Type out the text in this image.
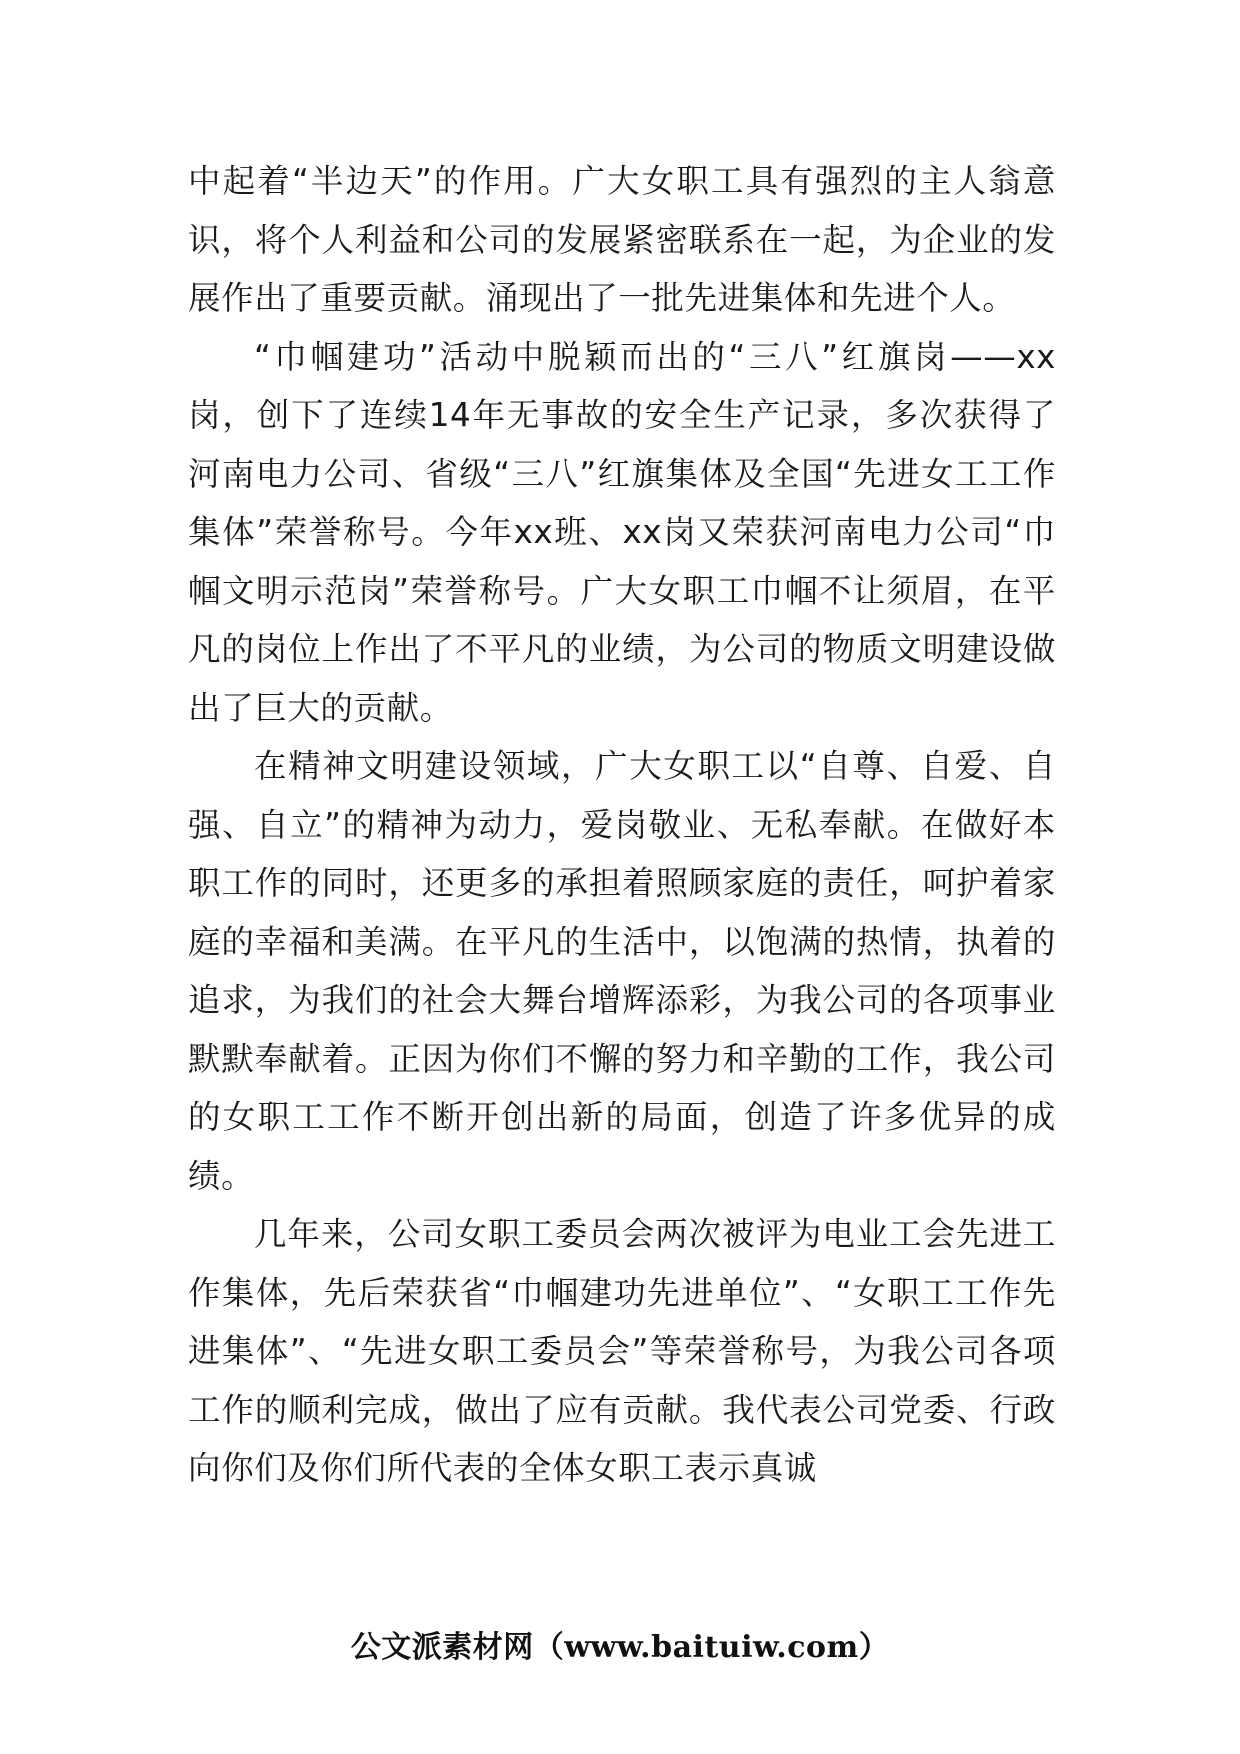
中起着“半边天”的作用。广大女职工具有强烈的主人翁意识，将个人利益和公司的发展紧密联系在一起，为企业的发展作出了重要贡献。涌现出了一批先进集体和先进个人。

“巾帼建功”活动中脱颖而出的“三八”红旗岗——xx岗，创下了连续14年无事故的安全生产记录，多次获得了河南电力公司、省级“三八”红旗集体及全国“先进女工工作集体”荣誉称号。今年xx班、xx岗又荣获河南电力公司“巾帼文明示范岗”荣誉称号。广大女职工巾帼不让须眉，在平凡的岗位上作出了不平凡的业绩，为公司的物质文明建设做出了巨大的贡献。

在精神文明建设领域，广大女职工以“自尊、自爱、自强、自立”的精神为动力，爱岗敬业、无私奉献。在做好本职工作的同时，还更多的承担着照顾家庭的责任，呵护着家庭的幸福和美满。在平凡的生活中，以饱满的热情，执着的追求，为我们的社会大舞台增辉添彩，为我公司的各项事业默默奉献着。正因为你们不懈的努力和辛勤的工作，我公司的女职工工作不断开创出新的局面，创造了许多优异的成绩。

几年来，公司女职工委员会两次被评为电业工会先进工作集体，先后荣获省“巾帼建功先进单位”、“女职工工作先进集体”、“先进女职工委员会”等荣誉称号，为我公司各项工作的顺利完成，做出了应有贡献。我代表公司党委、行政向你们及你们所代表的全体女职工表示真诚

公文派素材网（www.baituiw.com）
